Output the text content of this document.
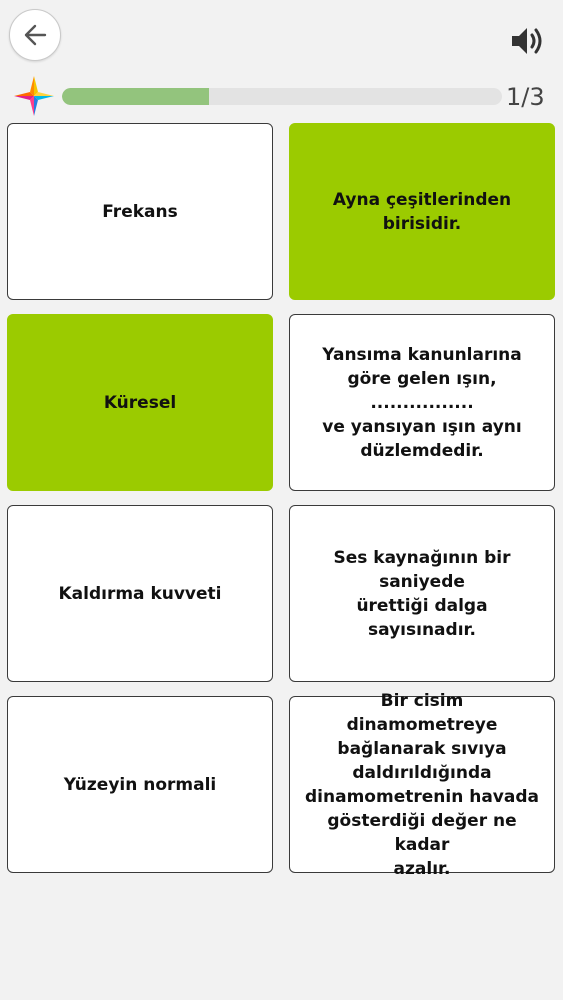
1/3
Frekans
Ayna çeşitlerinden birisidir.
Küresel
Yansıma kanunlarına
göre gelen ışın, ................
ve yansıyan ışın aynı
düzlemdedir.
Kaldırma kuvveti
Ses kaynağının bir saniyede
ürettiği dalga sayısınadır.
Yüzeyin normali
Bir cisim dinamometreye
bağlanarak sıvıya
daldırıldığında
dinamometrenin havada
gösterdiği değer ne kadar
azalır.
